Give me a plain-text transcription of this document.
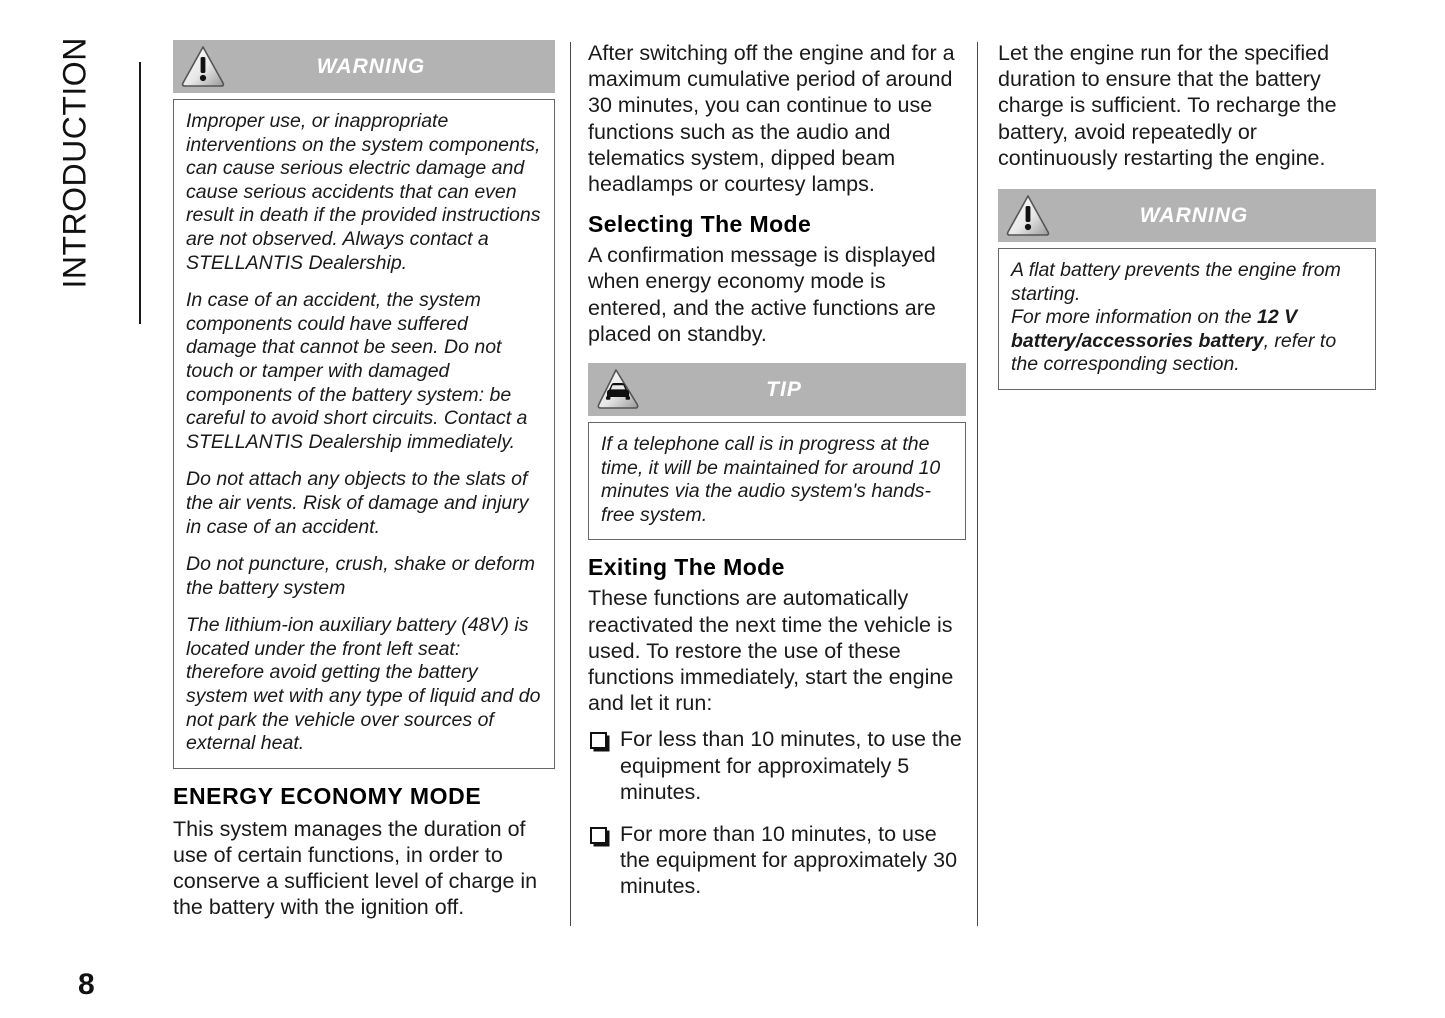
INTRODUCTION	WARNING

Improper use, or inappropriate interventions on the system components, can cause serious electric damage and cause serious accidents that can even result in death if the provided instructions are not observed. Always contact a STELLANTIS Dealership.

In case of an accident, the system components could have suffered damage that cannot be seen. Do not touch or tamper with damaged components of the battery system: be careful to avoid short circuits. Contact a STELLANTIS Dealership immediately.

Do not attach any objects to the slats of the air vents. Risk of damage and injury in case of an accident.

Do not puncture, crush, shake or deform the battery system

The lithium-ion auxiliary battery (48V) is located under the front left seat: therefore avoid getting the battery system wet with any type of liquid and do not park the vehicle over sources of external heat.

ENERGY ECONOMY MODE

This system manages the duration of use of certain functions, in order to conserve a sufficient level of charge in the battery with the ignition off.

After switching off the engine and for a maximum cumulative period of around 30 minutes, you can continue to use functions such as the audio and telematics system, dipped beam headlamps or courtesy lamps.

Selecting The Mode

A confirmation message is displayed when energy economy mode is entered, and the active functions are placed on standby.

TIP

If a telephone call is in progress at the time, it will be maintained for around 10 minutes via the audio system's hands-free system.

Exiting The Mode

These functions are automatically reactivated the next time the vehicle is used. To restore the use of these functions immediately, start the engine and let it run:

For less than 10 minutes, to use the equipment for approximately 5 minutes.
For more than 10 minutes, to use the equipment for approximately 30 minutes.

Let the engine run for the specified duration to ensure that the battery charge is sufficient. To recharge the battery, avoid repeatedly or continuously restarting the engine.

WARNING

A flat battery prevents the engine from starting.

For more information on the 12 V battery/accessories battery, refer to the corresponding section.

8
